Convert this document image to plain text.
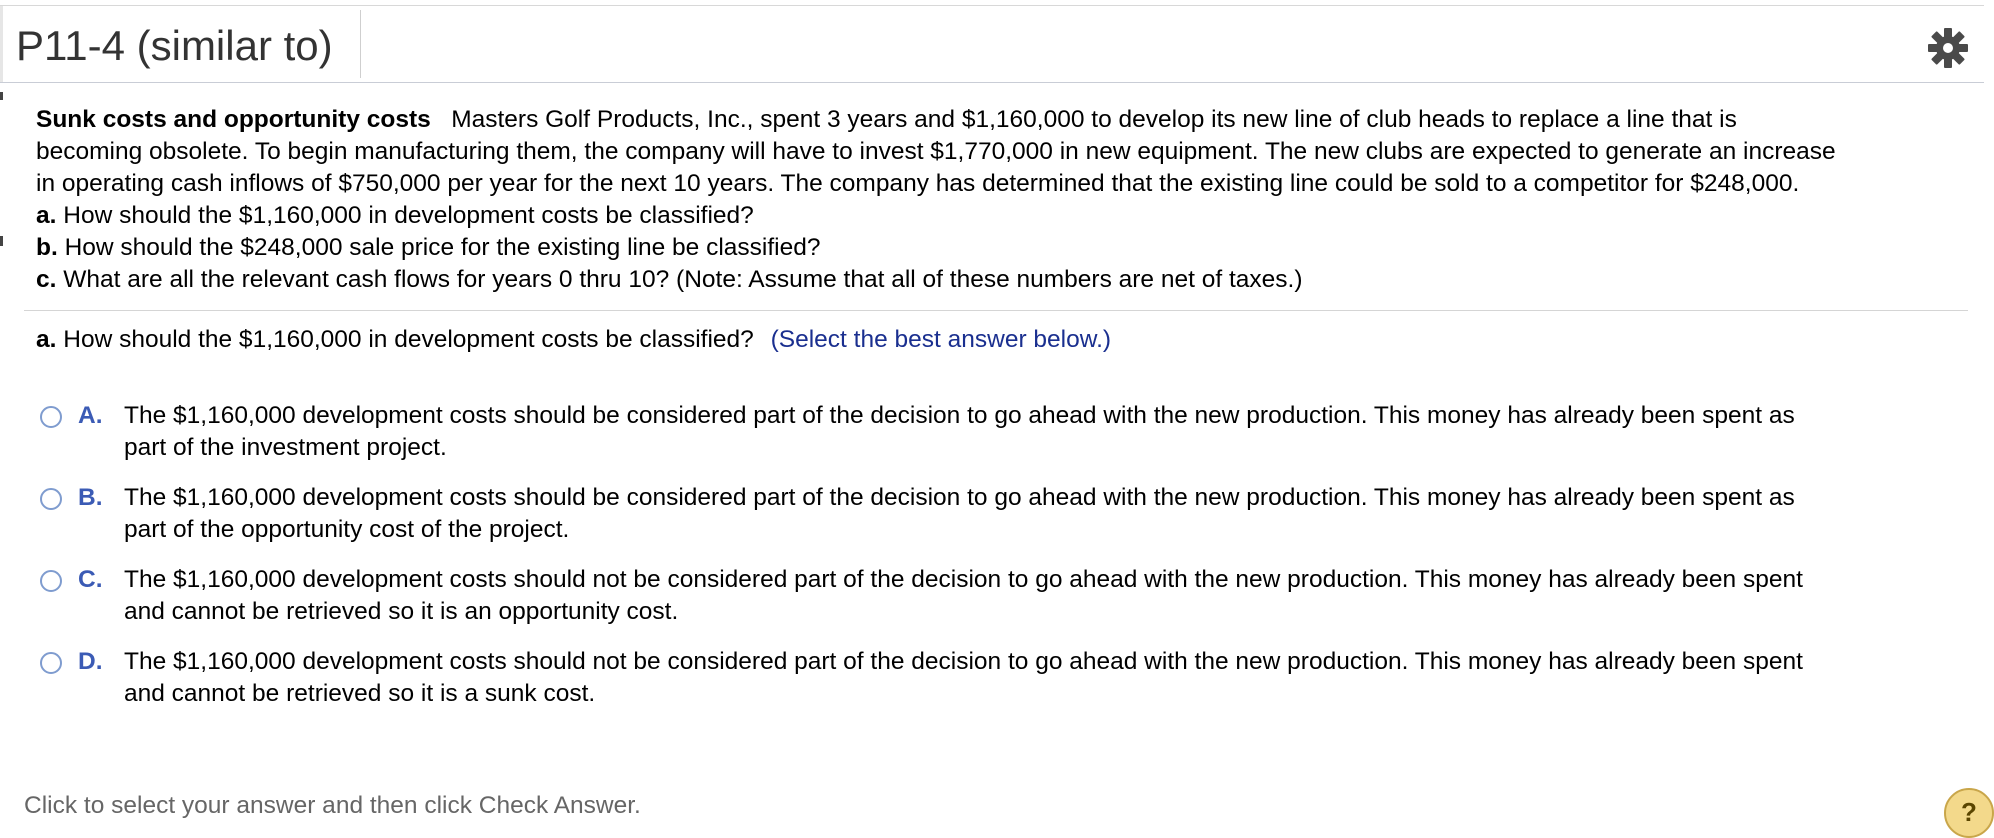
P11-4 (similar to)
Sunk costs and opportunity costs Masters Golf Products, Inc., spent 3 years and $1,160,000 to develop its new line of club heads to replace a line that is
becoming obsolete. To begin manufacturing them, the company will have to invest $1,770,000 in new equipment. The new clubs are expected to generate an increase
in operating cash inflows of $750,000 per year for the next 10 years. The company has determined that the existing line could be sold to a competitor for $248,000.
a. How should the $1,160,000 in development costs be classified?
b. How should the $248,000 sale price for the existing line be classified?
c. What are all the relevant cash flows for years 0 thru 10? (Note: Assume that all of these numbers are net of taxes.)
a. How should the $1,160,000 in development costs be classified? (Select the best answer below.)
A. The $1,160,000 development costs should be considered part of the decision to go ahead with the new production. This money has already been spent as
part of the investment project.
B. The $1,160,000 development costs should be considered part of the decision to go ahead with the new production. This money has already been spent as
part of the opportunity cost of the project.
C. The $1,160,000 development costs should not be considered part of the decision to go ahead with the new production. This money has already been spent
and cannot be retrieved so it is an opportunity cost.
D. The $1,160,000 development costs should not be considered part of the decision to go ahead with the new production. This money has already been spent
and cannot be retrieved so it is a sunk cost.
Click to select your answer and then click Check Answer.	?
